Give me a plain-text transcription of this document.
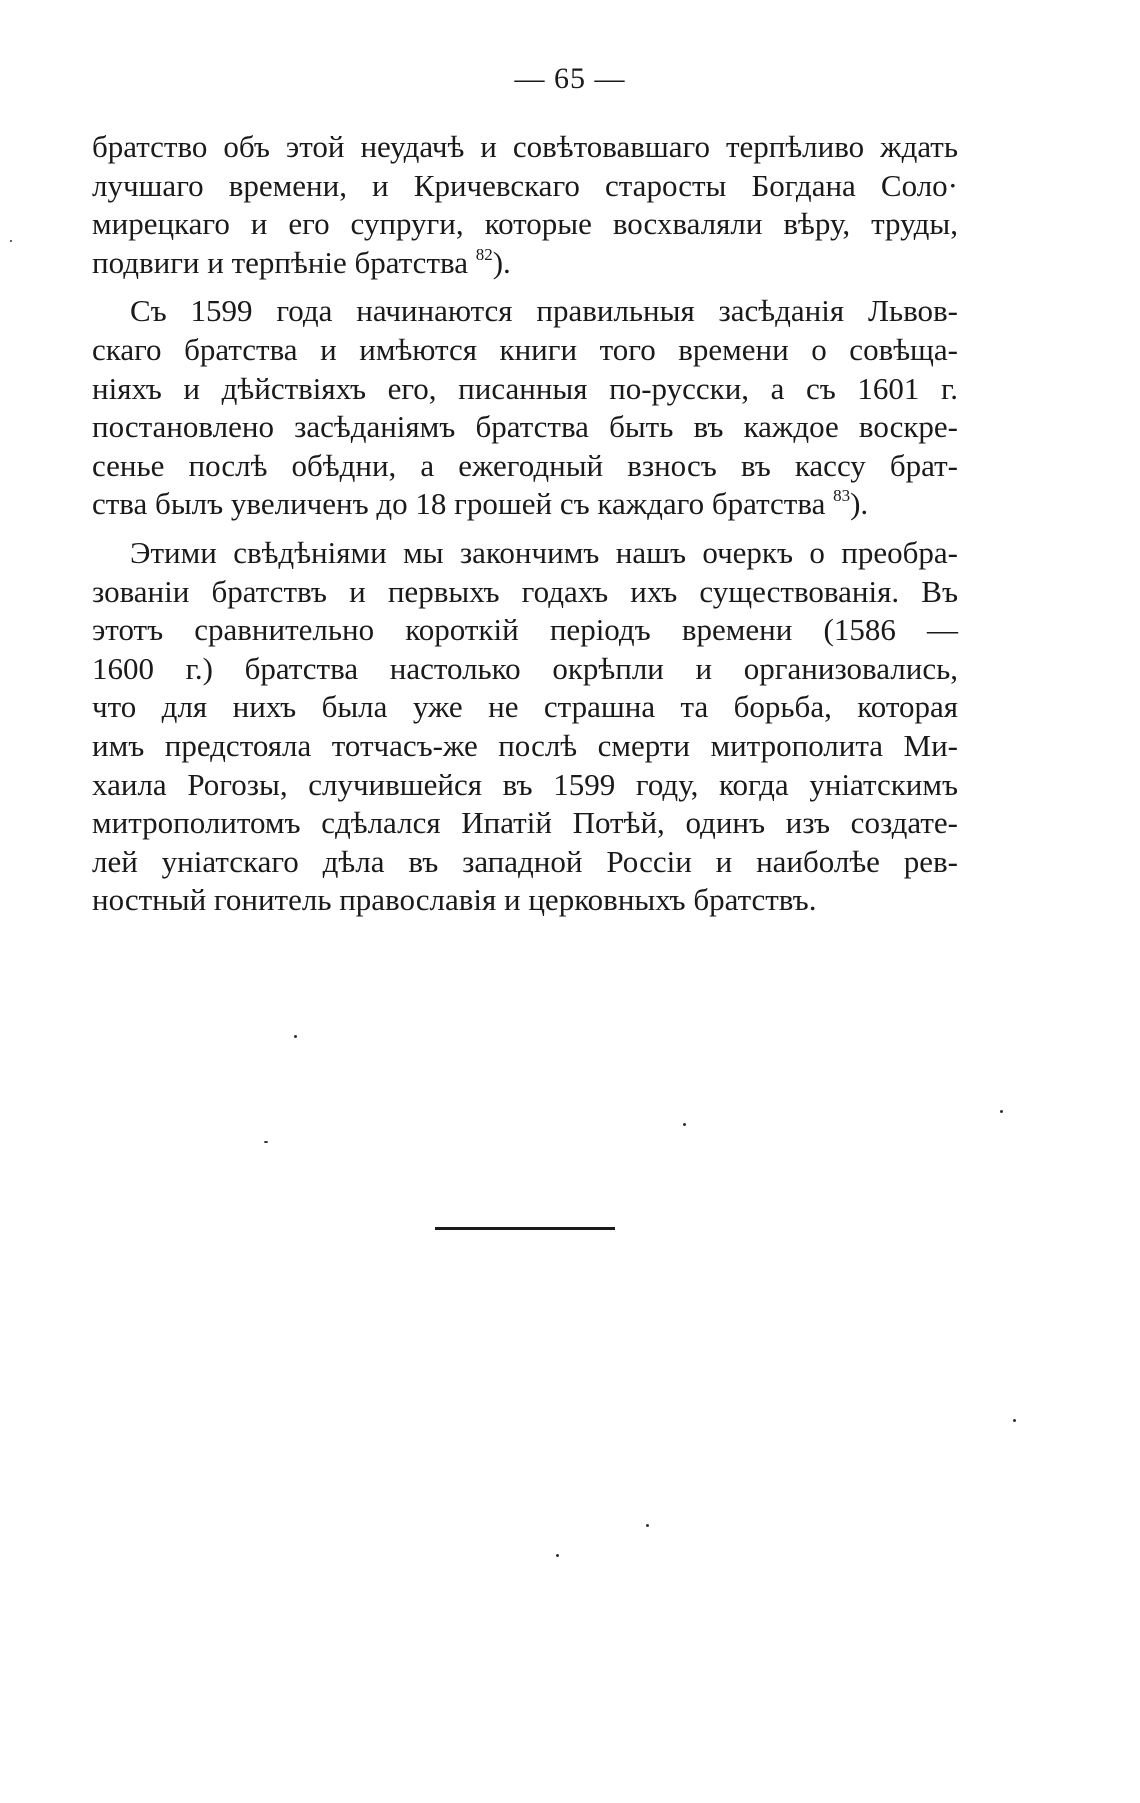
— 65 —
братство объ этой неудачѣ и совѣтовавшаго терпѣливо ждать
лучшаго времени, и Кричевскаго старосты Богдана Соло·
мирецкаго и его супруги, которые восхваляли вѣру, труды,
подвиги и терпѣніе братства $^{82}$).
Съ 1599 года начинаются правильныя засѣданія Львов-
скаго братства и имѣются книги того времени о совѣща-
ніяхъ и дѣйствіяхъ его, писанныя по-русски, а съ 1601 г.
постановлено засѣданіямъ братства быть въ каждое воскре-
сенье послѣ обѣдни, а ежегодный взносъ въ кассу брат-
ства былъ увеличенъ до 18 грошей съ каждаго братства $^{83}$).
Этими свѣдѣніями мы закончимъ нашъ очеркъ о преобра-
зованіи братствъ и первыхъ годахъ ихъ существованія. Въ
этотъ сравнительно короткій періодъ времени (1586 —
1600 г.) братства настолько окрѣпли и организовались,
что для нихъ была уже не страшна та борьба, которая
имъ предстояла тотчасъ-же послѣ смерти митрополита Ми-
хаила Рогозы, случившейся въ 1599 году, когда уніатскимъ
митрополитомъ сдѣлался Ипатій Потѣй, одинъ изъ создате-
лей уніатскаго дѣла въ западной Россіи и наиболѣе рев-
ностный гонитель православія и церковныхъ братствъ.
